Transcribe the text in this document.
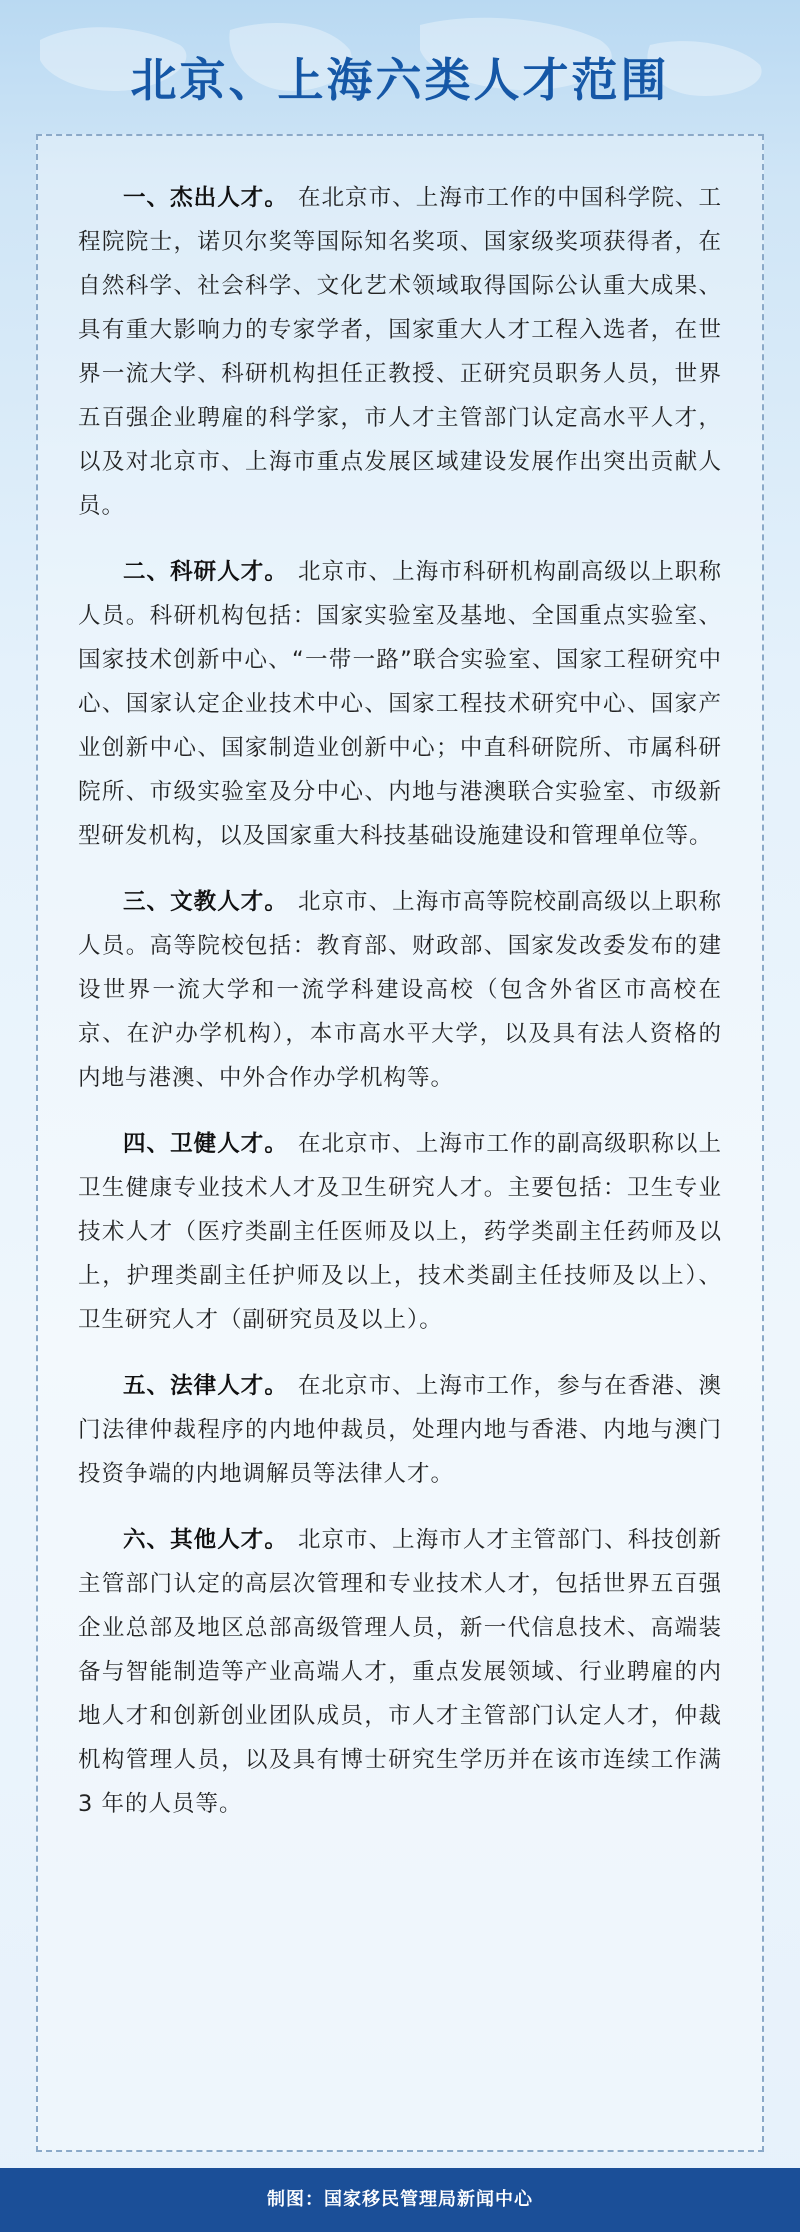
北京、上海六类人才范围

一、杰出人才。 在北京市、上海市工作的中国科学院、工程院院士，诺贝尔奖等国际知名奖项、国家级奖项获得者，在自然科学、社会科学、文化艺术领域取得国际公认重大成果、具有重大影响力的专家学者，国家重大人才工程入选者，在世界一流大学、科研机构担任正教授、正研究员职务人员，世界五百强企业聘雇的科学家，市人才主管部门认定高水平人才，以及对北京市、上海市重点发展区域建设发展作出突出贡献人员。

二、科研人才。 北京市、上海市科研机构副高级以上职称人员。科研机构包括：国家实验室及基地、全国重点实验室、国家技术创新中心、“一带一路”联合实验室、国家工程研究中心、国家认定企业技术中心、国家工程技术研究中心、国家产业创新中心、国家制造业创新中心；中直科研院所、市属科研院所、市级实验室及分中心、内地与港澳联合实验室、市级新型研发机构，以及国家重大科技基础设施建设和管理单位等。

三、文教人才。 北京市、上海市高等院校副高级以上职称人员。高等院校包括：教育部、财政部、国家发改委发布的建设世界一流大学和一流学科建设高校（包含外省区市高校在京、在沪办学机构），本市高水平大学，以及具有法人资格的内地与港澳、中外合作办学机构等。

四、卫健人才。 在北京市、上海市工作的副高级职称以上卫生健康专业技术人才及卫生研究人才。主要包括：卫生专业技术人才（医疗类副主任医师及以上，药学类副主任药师及以上，护理类副主任护师及以上，技术类副主任技师及以上）、卫生研究人才（副研究员及以上）。

五、法律人才。 在北京市、上海市工作，参与在香港、澳门法律仲裁程序的内地仲裁员，处理内地与香港、内地与澳门投资争端的内地调解员等法律人才。

六、其他人才。 北京市、上海市人才主管部门、科技创新主管部门认定的高层次管理和专业技术人才，包括世界五百强企业总部及地区总部高级管理人员，新一代信息技术、高端装备与智能制造等产业高端人才，重点发展领域、行业聘雇的内地人才和创新创业团队成员，市人才主管部门认定人才，仲裁机构管理人员，以及具有博士研究生学历并在该市连续工作满 3 年的人员等。

制图：国家移民管理局新闻中心
